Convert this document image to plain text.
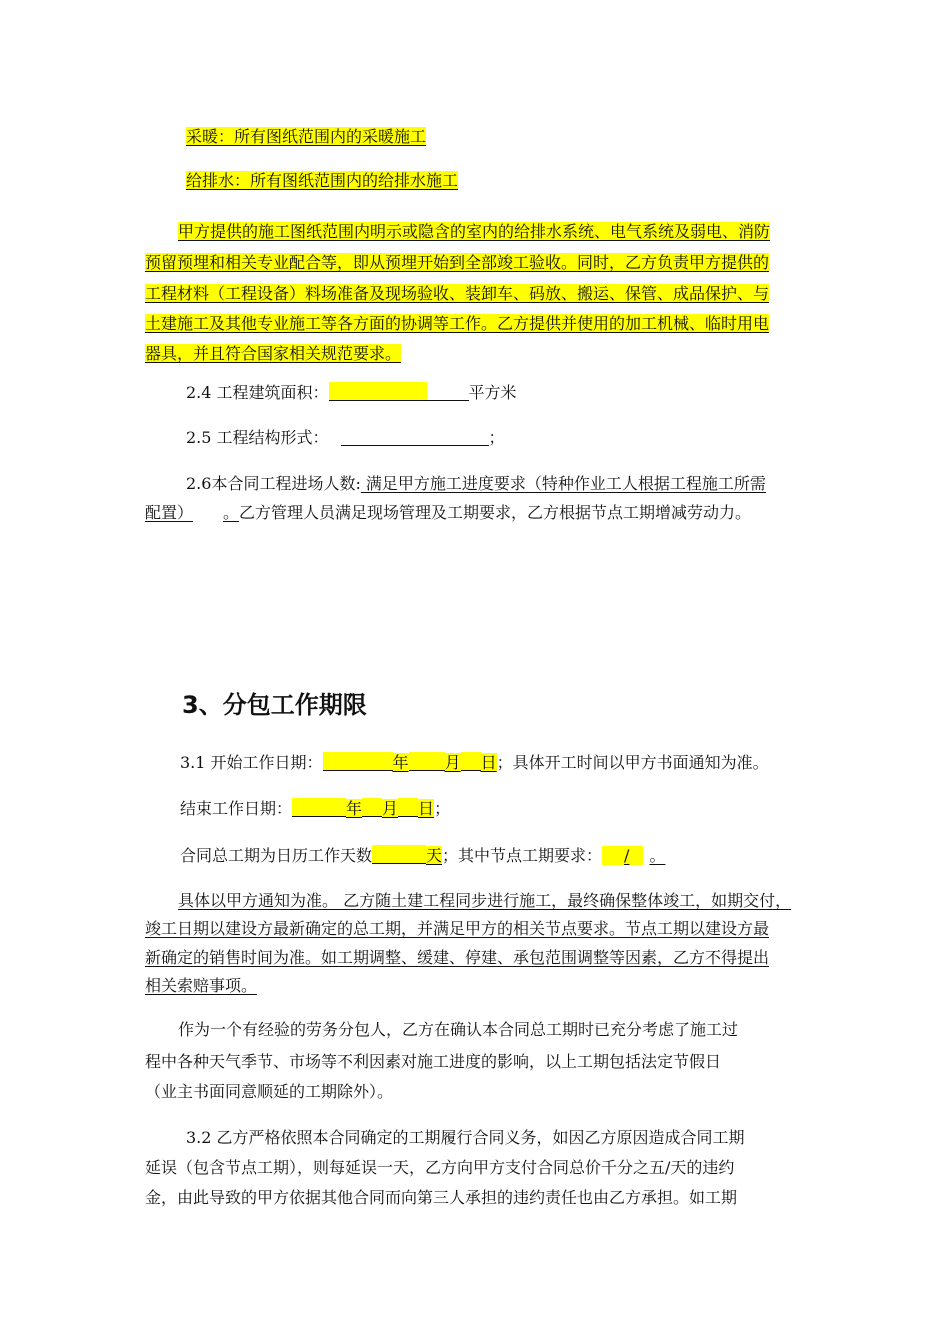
采暖：所有图纸范围内的采暖施工
给排水：所有图纸范围内的给排水施工
甲方提供的施工图纸范围内明示或隐含的室内的给排水系统、电气系统及弱电、消防
预留预埋和相关专业配合等，即从预埋开始到全部竣工验收。同时，乙方负责甲方提供的
工程材料（工程设备）料场准备及现场验收、装卸车、码放、搬运、保管、成品保护、与
土建施工及其他专业施工等各方面的协调等工作。乙方提供并使用的加工机械、临时用电
器具，并且符合国家相关规范要求。
2.4 工程建筑面积：	平方米
2.5 工程结构形式：	；
2.6本合同工程进场人数: 满足甲方施工进度要求（特种作业工人根据工程施工所需
配置） 。乙方管理人员满足现场管理及工期要求，乙方根据节点工期增减劳动力。
3、分包工作期限
3.1 开始工作日期：	年 月 日；具体开工时间以甲方书面通知为准。
结束工作日期：	年 月 日；
合同总工期为日历工作天数	天；其中节点工期要求： / 。
具体以甲方通知为准。 乙方随土建工程同步进行施工，最终确保整体竣工，如期交付，
竣工日期以建设方最新确定的总工期，并满足甲方的相关节点要求。节点工期以建设方最
新确定的销售时间为准。如工期调整、缓建、停建、承包范围调整等因素，乙方不得提出
相关索赔事项。
作为一个有经验的劳务分包人，乙方在确认本合同总工期时已充分考虑了施工过
程中各种天气季节、市场等不利因素对施工进度的影响，以上工期包括法定节假日
（业主书面同意顺延的工期除外）。
3.2 乙方严格依照本合同确定的工期履行合同义务，如因乙方原因造成合同工期
延误（包含节点工期），则每延误一天，乙方向甲方支付合同总价千分之五/天的违约
金，由此导致的甲方依据其他合同而向第三人承担的违约责任也由乙方承担。如工期
